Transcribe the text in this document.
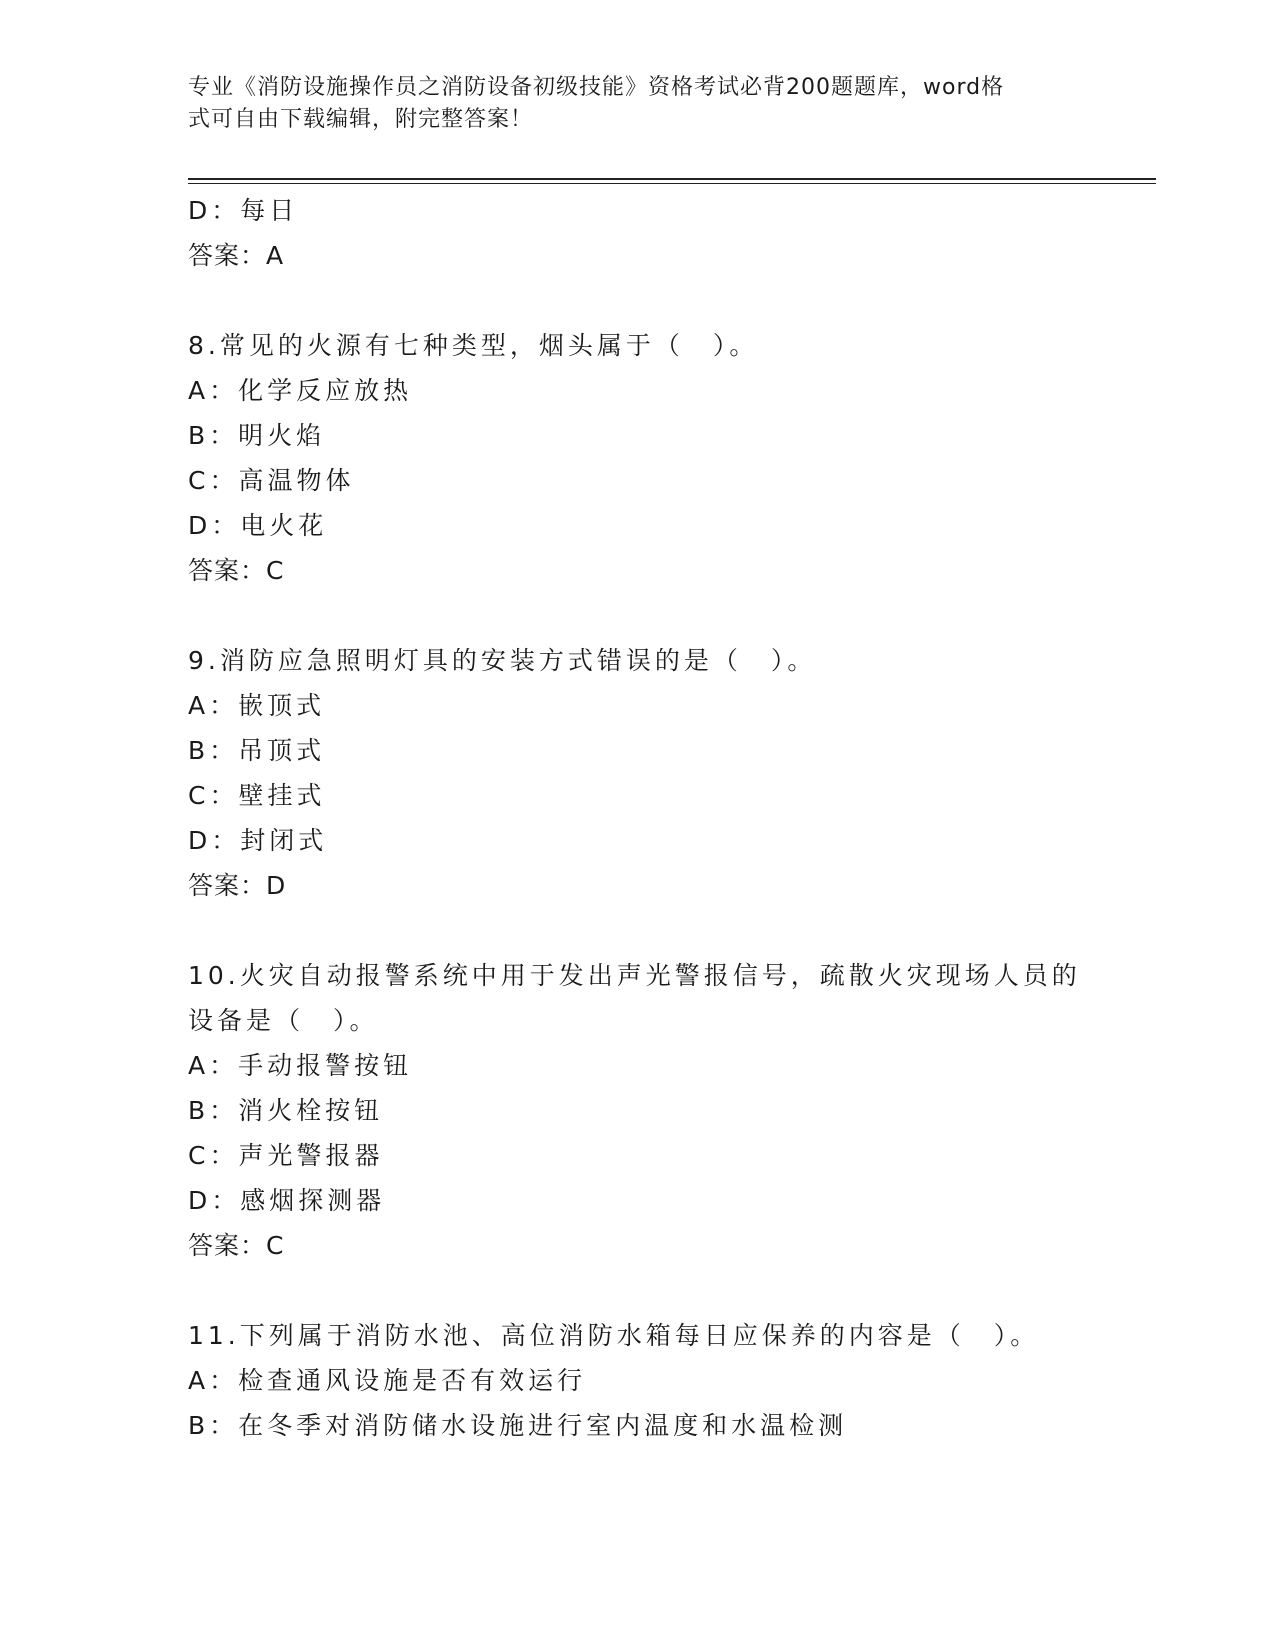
专业《消防设施操作员之消防设备初级技能》资格考试必背200题题库，word格
式可自由下载编辑，附完整答案！
D：每日
答案：A
8.常见的火源有七种类型，烟头属于（　）。
A：化学反应放热
B：明火焰
C：高温物体
D：电火花
答案：C
9.消防应急照明灯具的安装方式错误的是（　）。
A：嵌顶式
B：吊顶式
C：壁挂式
D：封闭式
答案：D
10.火灾自动报警系统中用于发出声光警报信号，疏散火灾现场人员的
设备是（　）。
A：手动报警按钮
B：消火栓按钮
C：声光警报器
D：感烟探测器
答案：C
11.下列属于消防水池、高位消防水箱每日应保养的内容是（　）。
A：检查通风设施是否有效运行
B：在冬季对消防储水设施进行室内温度和水温检测
